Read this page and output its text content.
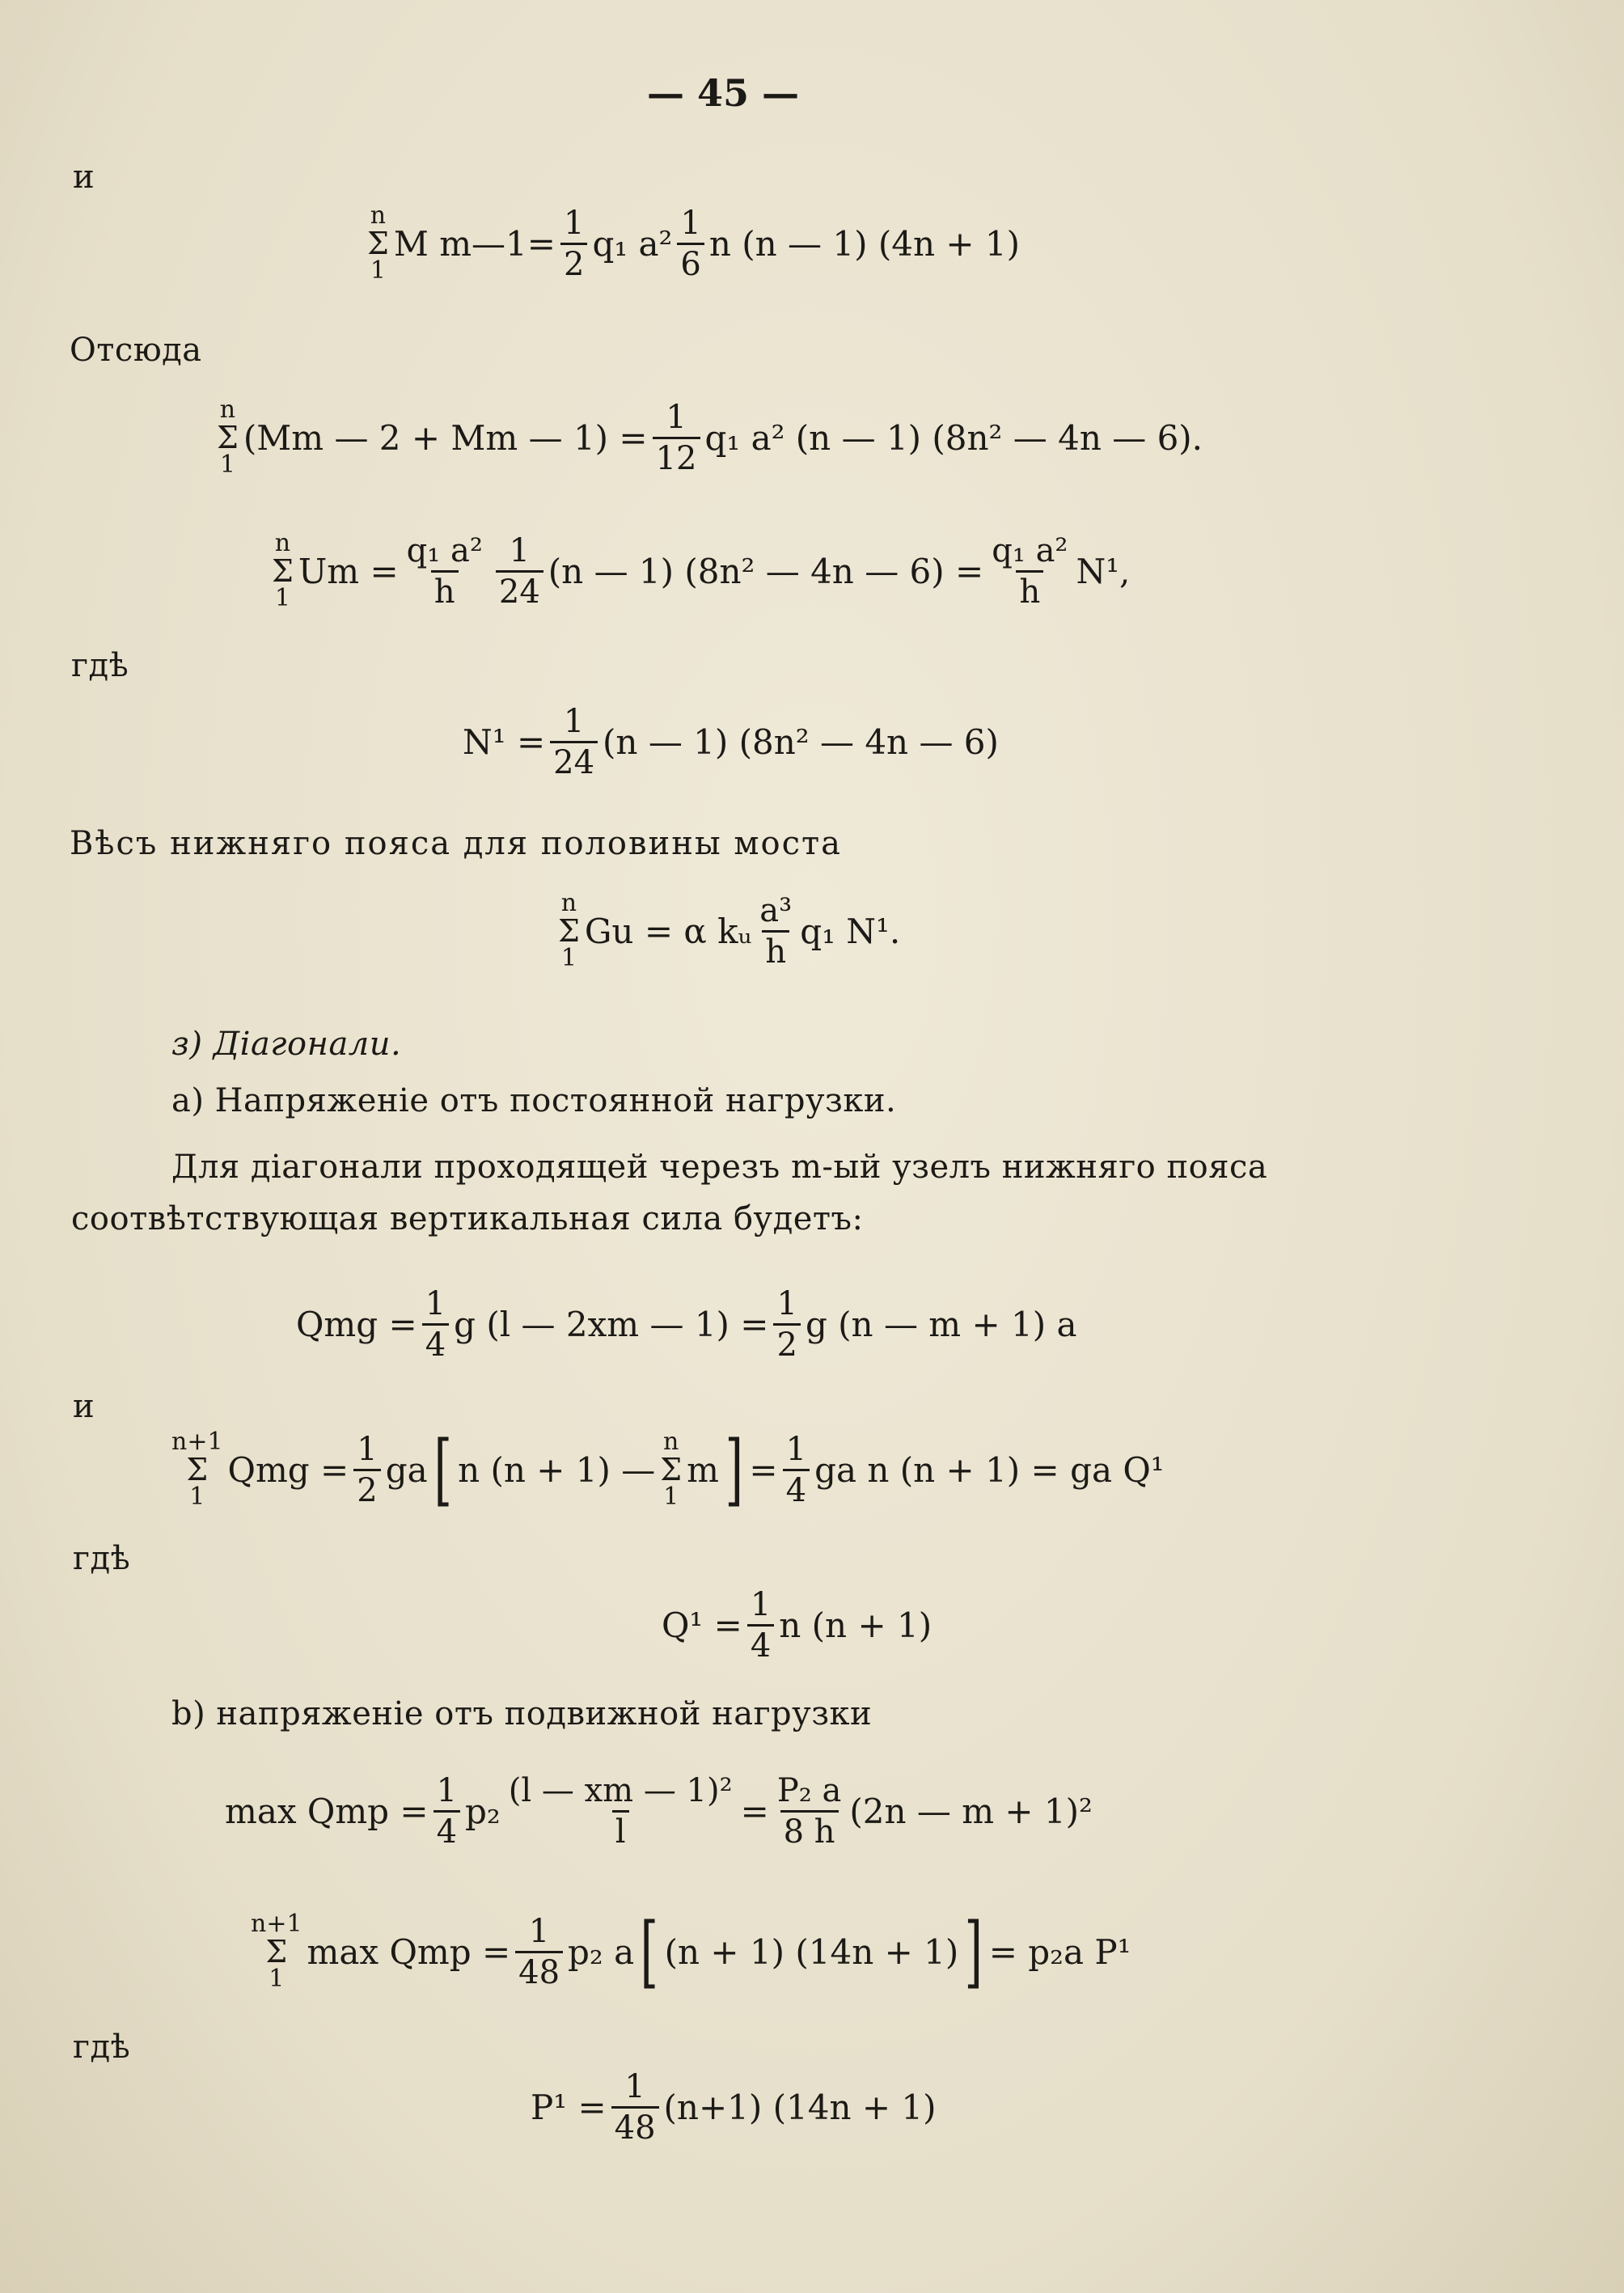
— 45 —
и
n
Σ
1
M m—1= $\frac{1}{2} q_1$ $a^2 \frac{1}{6}$ n (n — 1) (4n + 1)
Отсюда
n
Σ
1
(Mm — 2 + Mm — $1) = \frac{1}{12} q_1$ a² (n — 1) (8n² — 4n — 6).
n
Σ
1
$Um = \frac{\text{q₁ a²}}{h} \frac{1}{24} (n$ — 1) (8n² — 4n — $6) = \frac{\text{q₁ a²}}{h} N^1$,
гдѣ
$N^1 = \frac{1}{24} (n$ — 1) (8n² — 4n — 6)
Вѣсъ нижняго пояса для половины моста
n
Σ
1
Gu = α kᵤ $\frac{\text{a³}}{h} q_1$ N¹.
з) Діагонали.
а) Напряженіе отъ постоянной нагрузки.
Для діагонали проходящей черезъ m-ый узелъ нижняго пояса
соотвѣтствующая вертикальная сила будетъ:
Qmg = $\frac{1}{4}$ g (l — 2xm — $1) = \frac{1}{2}$ g (n — m + 1) a
и
n+1
Σ
1
Qmg = $\frac{1}{2}$ ga [ n (n + 1) —
n
Σ
1
m ] = $\frac{1}{4}$ ga n (n + 1) = ga Q¹
гдѣ
$Q^1 = \frac{1}{4}$ n (n + 1)
b) напряженіе отъ подвижной нагрузки
max Qmp = $\frac{1}{4} p_2 \frac{\text{(l — xm — 1)²}}{l} = \frac{\text{P₂ a}}{8 h} (2n$ — m + 1)²
n+1
Σ
1
max Qmp = $\frac{1}{48} p_2$ a [ (n + 1) (14n + 1) ] = p₂a P¹
гдѣ
$P^1 = \frac{1}{48} (n+1) (14n + 1)$
